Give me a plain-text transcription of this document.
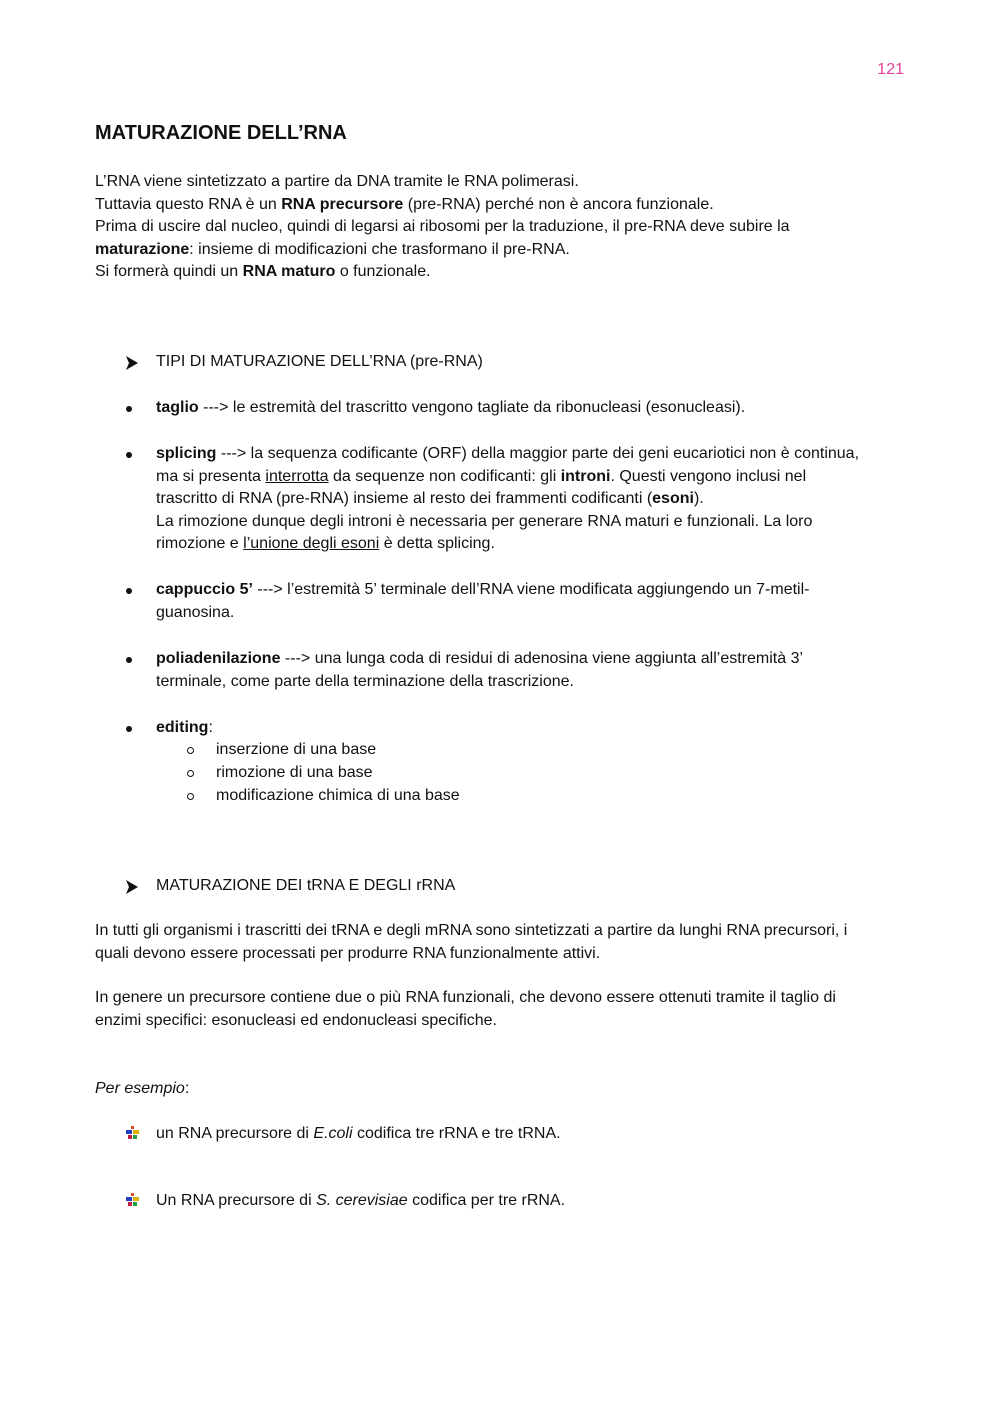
121
MATURAZIONE DELL’RNA
L’RNA viene sintetizzato a partire da DNA tramite le RNA polimerasi.
Tuttavia questo RNA è un RNA precursore (pre-RNA) perché non è ancora funzionale.
Prima di uscire dal nucleo, quindi di legarsi ai ribosomi per la traduzione, il pre-RNA deve subire la
maturazione: insieme di modificazioni che trasformano il pre-RNA.
Si formerà quindi un RNA maturo o funzionale.
TIPI DI MATURAZIONE DELL’RNA (pre-RNA)
taglio ---> le estremità del trascritto vengono tagliate da ribonucleasi (esonucleasi).
splicing ---> la sequenza codificante (ORF) della maggior parte dei geni eucariotici non è continua,
ma si presenta interrotta da sequenze non codificanti: gli introni. Questi vengono inclusi nel
trascritto di RNA (pre-RNA) insieme al resto dei frammenti codificanti (esoni).
La rimozione dunque degli introni è necessaria per generare RNA maturi e funzionali. La loro
rimozione e l’unione degli esoni è detta splicing.
cappuccio 5’ ---> l’estremità 5’ terminale dell’RNA viene modificata aggiungendo un 7-metil-
guanosina.
poliadenilazione ---> una lunga coda di residui di adenosina viene aggiunta all’estremità 3’
terminale, come parte della terminazione della trascrizione.
editing:
inserzione di una base
rimozione di una base
modificazione chimica di una base
MATURAZIONE DEI tRNA E DEGLI rRNA
In tutti gli organismi i trascritti dei tRNA e degli mRNA sono sintetizzati a partire da lunghi RNA precursori, i
quali devono essere processati per produrre RNA funzionalmente attivi.
In genere un precursore contiene due o più RNA funzionali, che devono essere ottenuti tramite il taglio di
enzimi specifici: esonucleasi ed endonucleasi specifiche.
Per esempio:
un RNA precursore di E.coli codifica tre rRNA e tre tRNA.
Un RNA precursore di S. cerevisiae codifica per tre rRNA.
